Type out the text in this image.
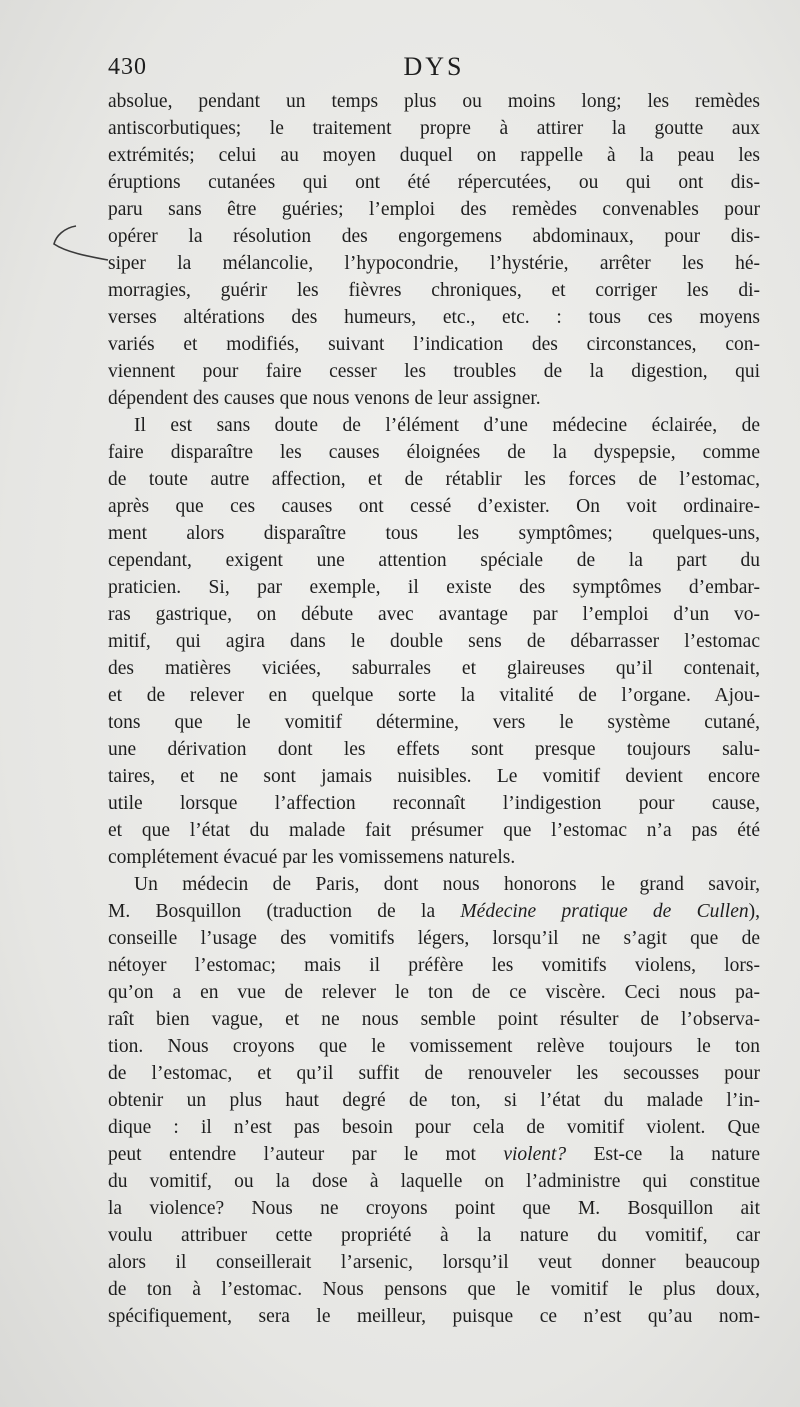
430	DYS
absolue, pendant un temps plus ou moins long; les remèdes
antiscorbutiques; le traitement propre à attirer la goutte aux
extrémités; celui au moyen duquel on rappelle à la peau les
éruptions cutanées qui ont été répercutées, ou qui ont dis-
paru sans être guéries; l’emploi des remèdes convenables pour
opérer la résolution des engorgemens abdominaux, pour dis-
siper la mélancolie, l’hypocondrie, l’hystérie, arrêter les hé-
morragies, guérir les fièvres chroniques, et corriger les di-
verses altérations des humeurs, etc., etc. : tous ces moyens
variés et modifiés, suivant l’indication des circonstances, con-
viennent pour faire cesser les troubles de la digestion, qui
dépendent des causes que nous venons de leur assigner.
Il est sans doute de l’élément d’une médecine éclairée, de
faire disparaître les causes éloignées de la dyspepsie, comme
de toute autre affection, et de rétablir les forces de l’estomac,
après que ces causes ont cessé d’exister. On voit ordinaire-
ment alors disparaître tous les symptômes; quelques-uns,
cependant, exigent une attention spéciale de la part du
praticien. Si, par exemple, il existe des symptômes d’embar-
ras gastrique, on débute avec avantage par l’emploi d’un vo-
mitif, qui agira dans le double sens de débarrasser l’estomac
des matières viciées, saburrales et glaireuses qu’il contenait,
et de relever en quelque sorte la vitalité de l’organe. Ajou-
tons que le vomitif détermine, vers le système cutané,
une dérivation dont les effets sont presque toujours salu-
taires, et ne sont jamais nuisibles. Le vomitif devient encore
utile lorsque l’affection reconnaît l’indigestion pour cause,
et que l’état du malade fait présumer que l’estomac n’a pas été
complétement évacué par les vomissemens naturels.
Un médecin de Paris, dont nous honorons le grand savoir,
M. Bosquillon (traduction de la Médecine pratique de Cullen),
conseille l’usage des vomitifs légers, lorsqu’il ne s’agit que de
nétoyer l’estomac; mais il préfère les vomitifs violens, lors-
qu’on a en vue de relever le ton de ce viscère. Ceci nous pa-
raît bien vague, et ne nous semble point résulter de l’observa-
tion. Nous croyons que le vomissement relève toujours le ton
de l’estomac, et qu’il suffit de renouveler les secousses pour
obtenir un plus haut degré de ton, si l’état du malade l’in-
dique : il n’est pas besoin pour cela de vomitif violent. Que
peut entendre l’auteur par le mot violent? Est-ce la nature
du vomitif, ou la dose à laquelle on l’administre qui constitue
la violence? Nous ne croyons point que M. Bosquillon ait
voulu attribuer cette propriété à la nature du vomitif, car
alors il conseillerait l’arsenic, lorsqu’il veut donner beaucoup
de ton à l’estomac. Nous pensons que le vomitif le plus doux,
spécifiquement, sera le meilleur, puisque ce n’est qu’au nom-
